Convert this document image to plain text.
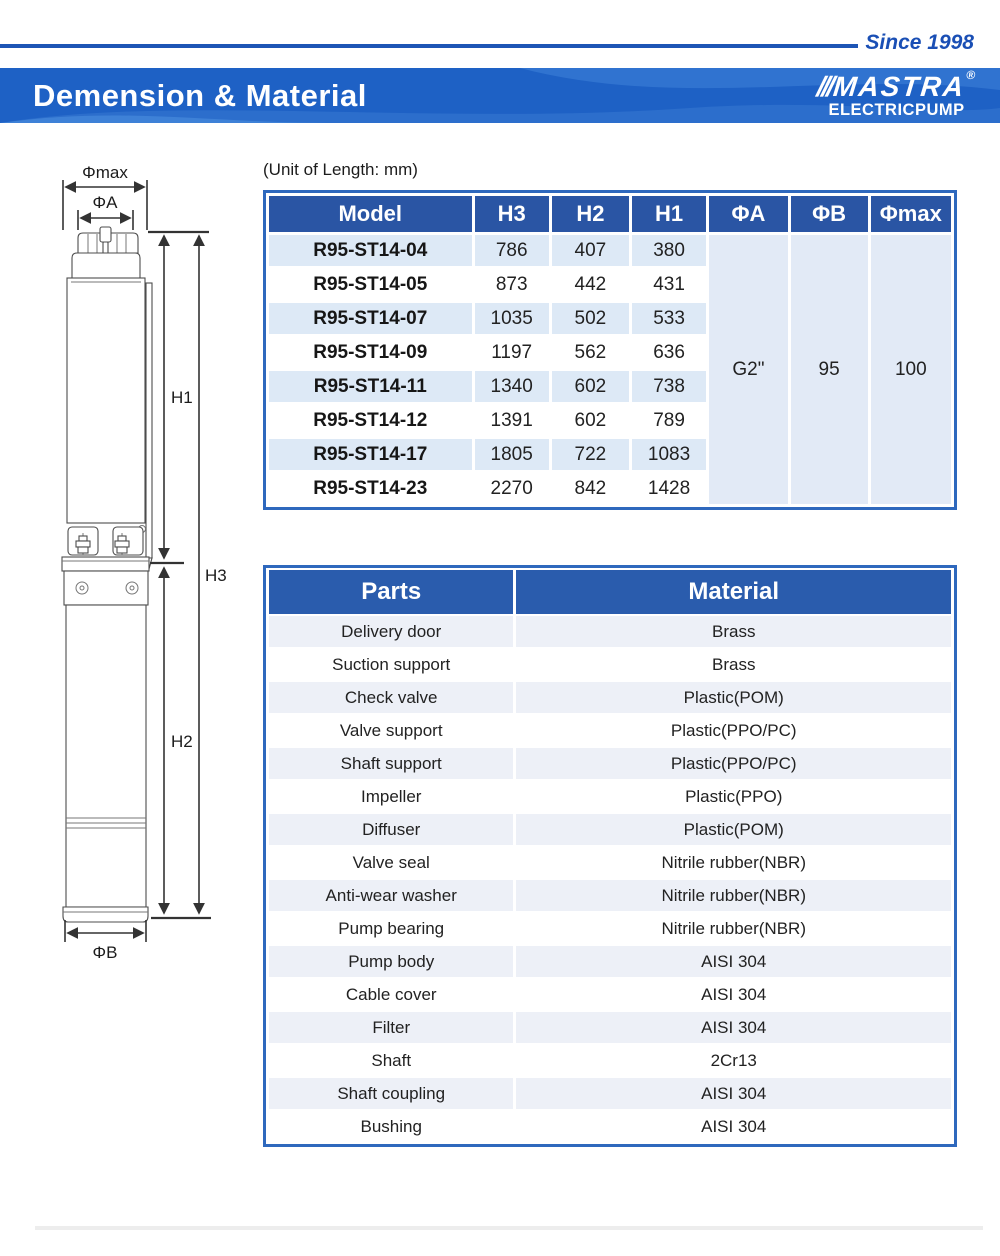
Since 1998
Demension & Material	///MASTRA®
ELECTRICPUMP
Φmax
ΦA
H1
H3
H2
ΦB
(Unit of Length: mm)
Model	H3	H2	H1	ΦA	ΦB	Φmax
R95-ST14-04	786	407	380	G2"	95	100
R95-ST14-05	873	442	431			
R95-ST14-07	1035	502	533			
R95-ST14-09	1197	562	636			
R95-ST14-11	1340	602	738			
R95-ST14-12	1391	602	789			
R95-ST14-17	1805	722	1083			
R95-ST14-23	2270	842	1428			
Parts	Material
Delivery door	Brass
Suction support	Brass
Check valve	Plastic(POM)
Valve support	Plastic(PPO/PC)
Shaft support	Plastic(PPO/PC)
Impeller	Plastic(PPO)
Diffuser	Plastic(POM)
Valve seal	Nitrile rubber(NBR)
Anti-wear washer	Nitrile rubber(NBR)
Pump bearing	Nitrile rubber(NBR)
Pump body	AISI 304
Cable cover	AISI 304
Filter	AISI 304
Shaft	2Cr13
Shaft coupling	AISI 304
Bushing	AISI 304
